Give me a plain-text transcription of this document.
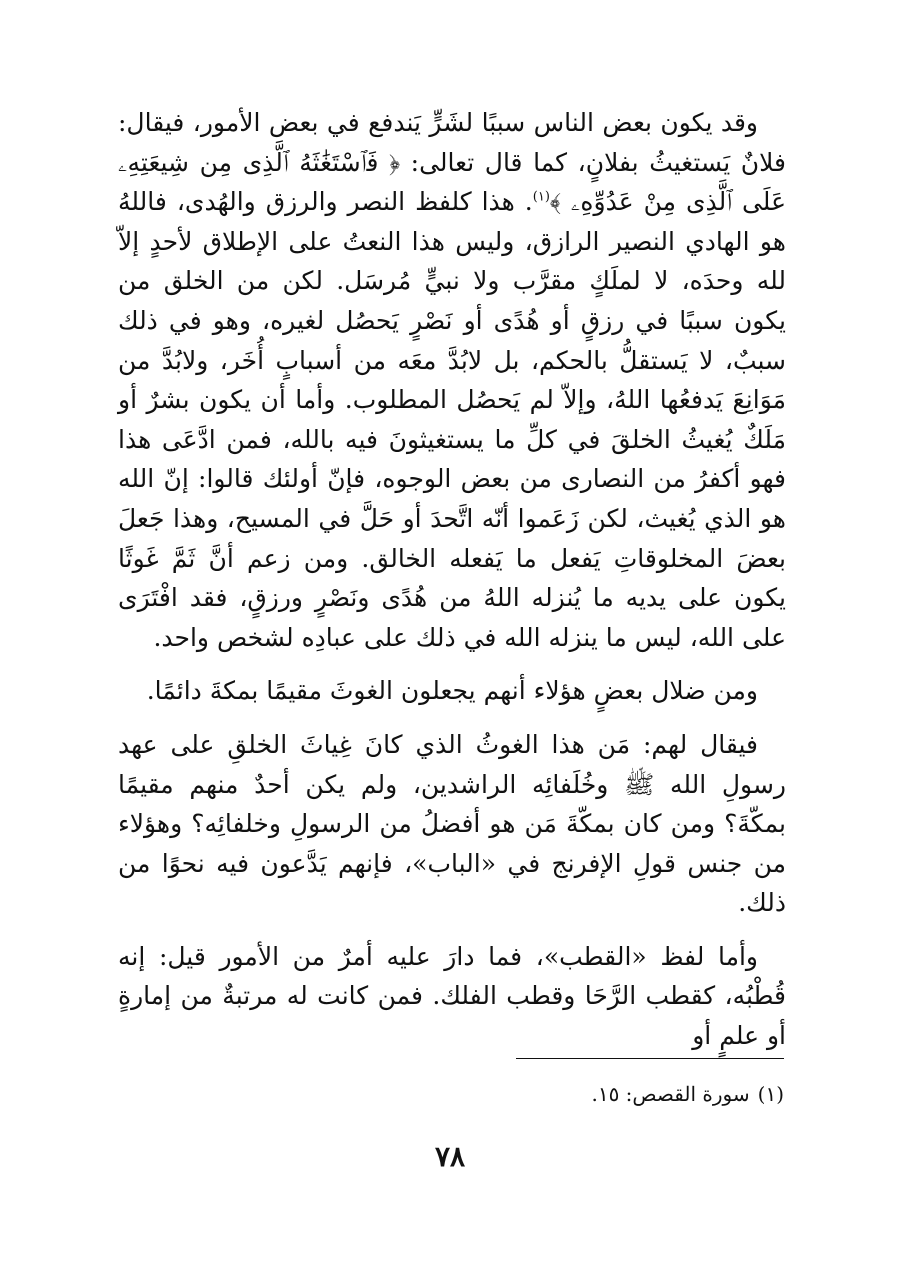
وقد يكون بعض الناس سببًا لشَرٍّ يَندفع في بعض الأمور، فيقال: فلانٌ يَستغيثُ بفلانٍ، كما قال تعالى: ﴿ فَٱسْتَغَٰثَهُ ٱلَّذِى مِن شِيعَتِهِۦ عَلَى ٱلَّذِى مِنْ عَدُوِّهِۦ ﴾$^{(١)}$. هذا كلفظ النصر والرزق والهُدى، فاللهُ هو الهادي النصير الرازق، وليس هذا النعتُ على الإطلاق لأحدٍ إلاّ لله وحدَه، لا لملَكٍ مقرَّب ولا نبيٍّ مُرسَل. لكن من الخلق من يكون سببًا في رزقٍ أو هُدًى أو نَصْرٍ يَحصُل لغيره، وهو في ذلك سببٌ، لا يَستقلُّ بالحكم، بل لابُدَّ معَه من أسبابٍ أُخَر، ولابُدَّ من مَوَانِعَ يَدفعُها اللهُ، وإلاّ لم يَحصُل المطلوب. وأما أن يكون بشرٌ أو مَلَكٌ يُغيثُ الخلقَ في كلِّ ما يستغيثونَ فيه بالله، فمن ادَّعَى هذا فهو أكفرُ من النصارى من بعض الوجوه، فإنّ أولئك قالوا: إنّ الله هو الذي يُغيث، لكن زَعَموا أنّه اتَّحدَ أو حَلَّ في المسيح، وهذا جَعلَ بعضَ المخلوقاتِ يَفعل ما يَفعله الخالق. ومن زعم أنَّ ثَمَّ غَوثًا يكون على يديه ما يُنزله اللهُ من هُدًى ونَصْرٍ ورزقٍ، فقد افْتَرَى على الله، ليس ما ينزله الله في ذلك على عبادِه لشخص واحد.

ومن ضلال بعضٍ هؤلاء أنهم يجعلون الغوثَ مقيمًا بمكةَ دائمًا.

فيقال لهم: مَن هذا الغوثُ الذي كانَ غِياثَ الخلقِ على عهد رسولِ الله ﷺ وخُلَفائِه الراشدين، ولم يكن أحدٌ منهم مقيمًا بمكّةَ؟ ومن كان بمكّةَ مَن هو أفضلُ من الرسولِ وخلفائِه؟ وهؤلاء من جنس قولِ الإفرنج في «الباب»، فإنهم يَدَّعون فيه نحوًا من ذلك.

وأما لفظ «القطب»، فما دارَ عليه أمرٌ من الأمور قيل: إنه قُطْبُه، كقطب الرَّحَا وقطب الفلك. فمن كانت له مرتبةٌ من إمارةٍ أو علمٍ أو

(١)سورة القصص: ١٥.

٧٨
